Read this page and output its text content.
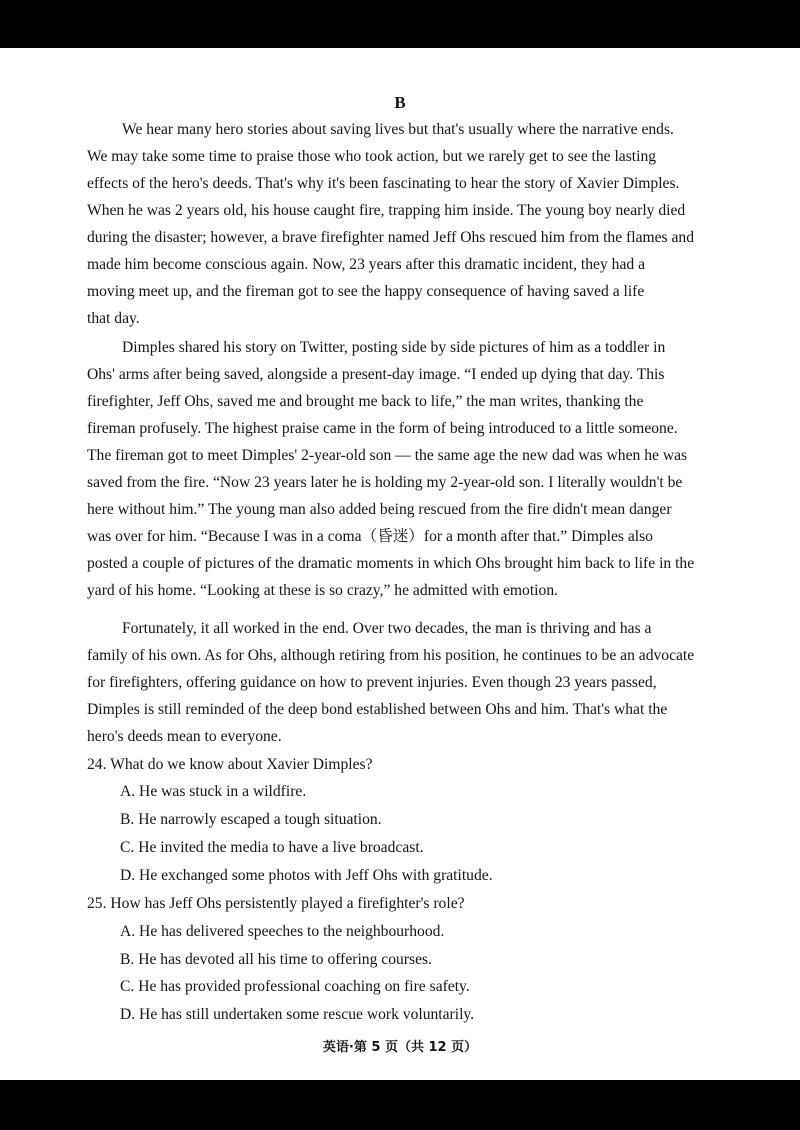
B
We hear many hero stories about saving lives but that's usually where the narrative ends.
We may take some time to praise those who took action, but we rarely get to see the lasting
effects of the hero's deeds. That's why it's been fascinating to hear the story of Xavier Dimples.
When he was 2 years old, his house caught fire, trapping him inside. The young boy nearly died
during the disaster; however, a brave firefighter named Jeff Ohs rescued him from the flames and
made him become conscious again. Now, 23 years after this dramatic incident, they had a
moving meet up, and the fireman got to see the happy consequence of having saved a life
that day.
Dimples shared his story on Twitter, posting side by side pictures of him as a toddler in
Ohs' arms after being saved, alongside a present-day image. “I ended up dying that day. This
firefighter, Jeff Ohs, saved me and brought me back to life,” the man writes, thanking the
fireman profusely. The highest praise came in the form of being introduced to a little someone.
The fireman got to meet Dimples' 2-year-old son — the same age the new dad was when he was
saved from the fire. “Now 23 years later he is holding my 2-year-old son. I literally wouldn't be
here without him.” The young man also added being rescued from the fire didn't mean danger
was over for him. “Because I was in a coma（昏迷）for a month after that.” Dimples also
posted a couple of pictures of the dramatic moments in which Ohs brought him back to life in the
yard of his home. “Looking at these is so crazy,” he admitted with emotion.
Fortunately, it all worked in the end. Over two decades, the man is thriving and has a
family of his own. As for Ohs, although retiring from his position, he continues to be an advocate
for firefighters, offering guidance on how to prevent injuries. Even though 23 years passed,
Dimples is still reminded of the deep bond established between Ohs and him. That's what the
hero's deeds mean to everyone.
24. What do we know about Xavier Dimples?
A. He was stuck in a wildfire.
B. He narrowly escaped a tough situation.
C. He invited the media to have a live broadcast.
D. He exchanged some photos with Jeff Ohs with gratitude.
25. How has Jeff Ohs persistently played a firefighter's role?
A. He has delivered speeches to the neighbourhood.
B. He has devoted all his time to offering courses.
C. He has provided professional coaching on fire safety.
D. He has still undertaken some rescue work voluntarily.
英语·第 5 页（共 12 页）
